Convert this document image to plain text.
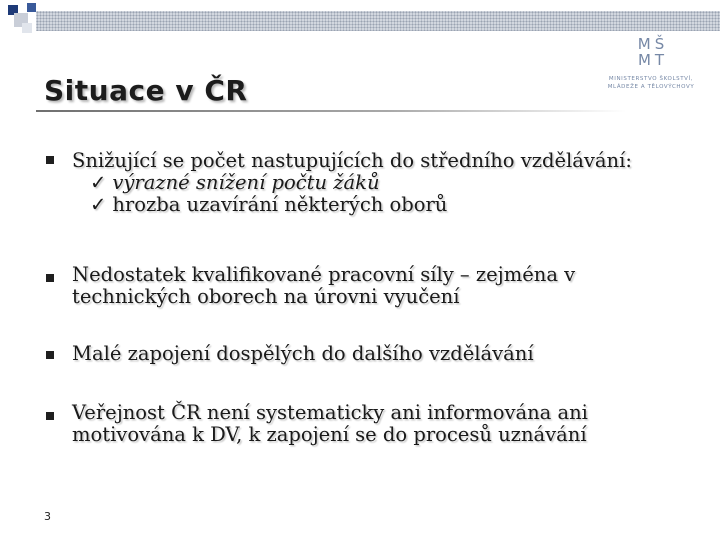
MŠ MT
MINISTERSTVO ŠKOLSTVÍ,
MLÁDEŽE A TĚLOVÝCHOVY
Situace v ČR
Snižující se počet nastupujících do středního vzdělávání:
✓ výrazné snížení počtu žáků
✓ hrozba uzavírání některých oborů
Nedostatek kvalifikované pracovní síly – zejména v
technických oborech na úrovni vyučení
Malé zapojení dospělých do dalšího vzdělávání
Veřejnost ČR není systematicky ani informována ani
motivována k DV, k zapojení se do procesů uznávání
3
